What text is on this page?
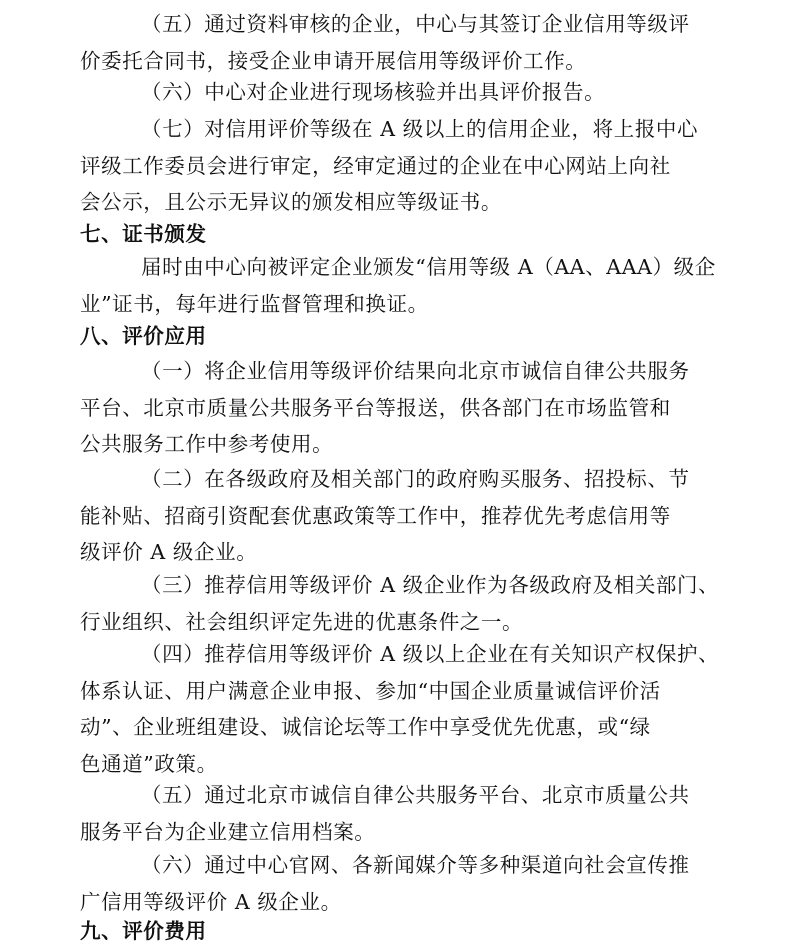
（五）通过资料审核的企业，中心与其签订企业信用等级评
价委托合同书，接受企业申请开展信用等级评价工作。

（六）中心对企业进行现场核验并出具评价报告。

（七）对信用评价等级在 A 级以上的信用企业，将上报中心
评级工作委员会进行审定，经审定通过的企业在中心网站上向社
会公示，且公示无异议的颁发相应等级证书。

七、证书颁发

届时由中心向被评定企业颁发“信用等级 A（AA、AAA）级企
业”证书，每年进行监督管理和换证。

八、评价应用

（一）将企业信用等级评价结果向北京市诚信自律公共服务
平台、北京市质量公共服务平台等报送，供各部门在市场监管和
公共服务工作中参考使用。

（二）在各级政府及相关部门的政府购买服务、招投标、节
能补贴、招商引资配套优惠政策等工作中，推荐优先考虑信用等
级评价 A 级企业。

（三）推荐信用等级评价 A 级企业作为各级政府及相关部门、
行业组织、社会组织评定先进的优惠条件之一。

（四）推荐信用等级评价 A 级以上企业在有关知识产权保护、
体系认证、用户满意企业申报、参加“中国企业质量诚信评价活
动”、企业班组建设、诚信论坛等工作中享受优先优惠，或“绿
色通道”政策。

（五）通过北京市诚信自律公共服务平台、北京市质量公共
服务平台为企业建立信用档案。

（六）通过中心官网、各新闻媒介等多种渠道向社会宣传推
广信用等级评价 A 级企业。

九、评价费用
